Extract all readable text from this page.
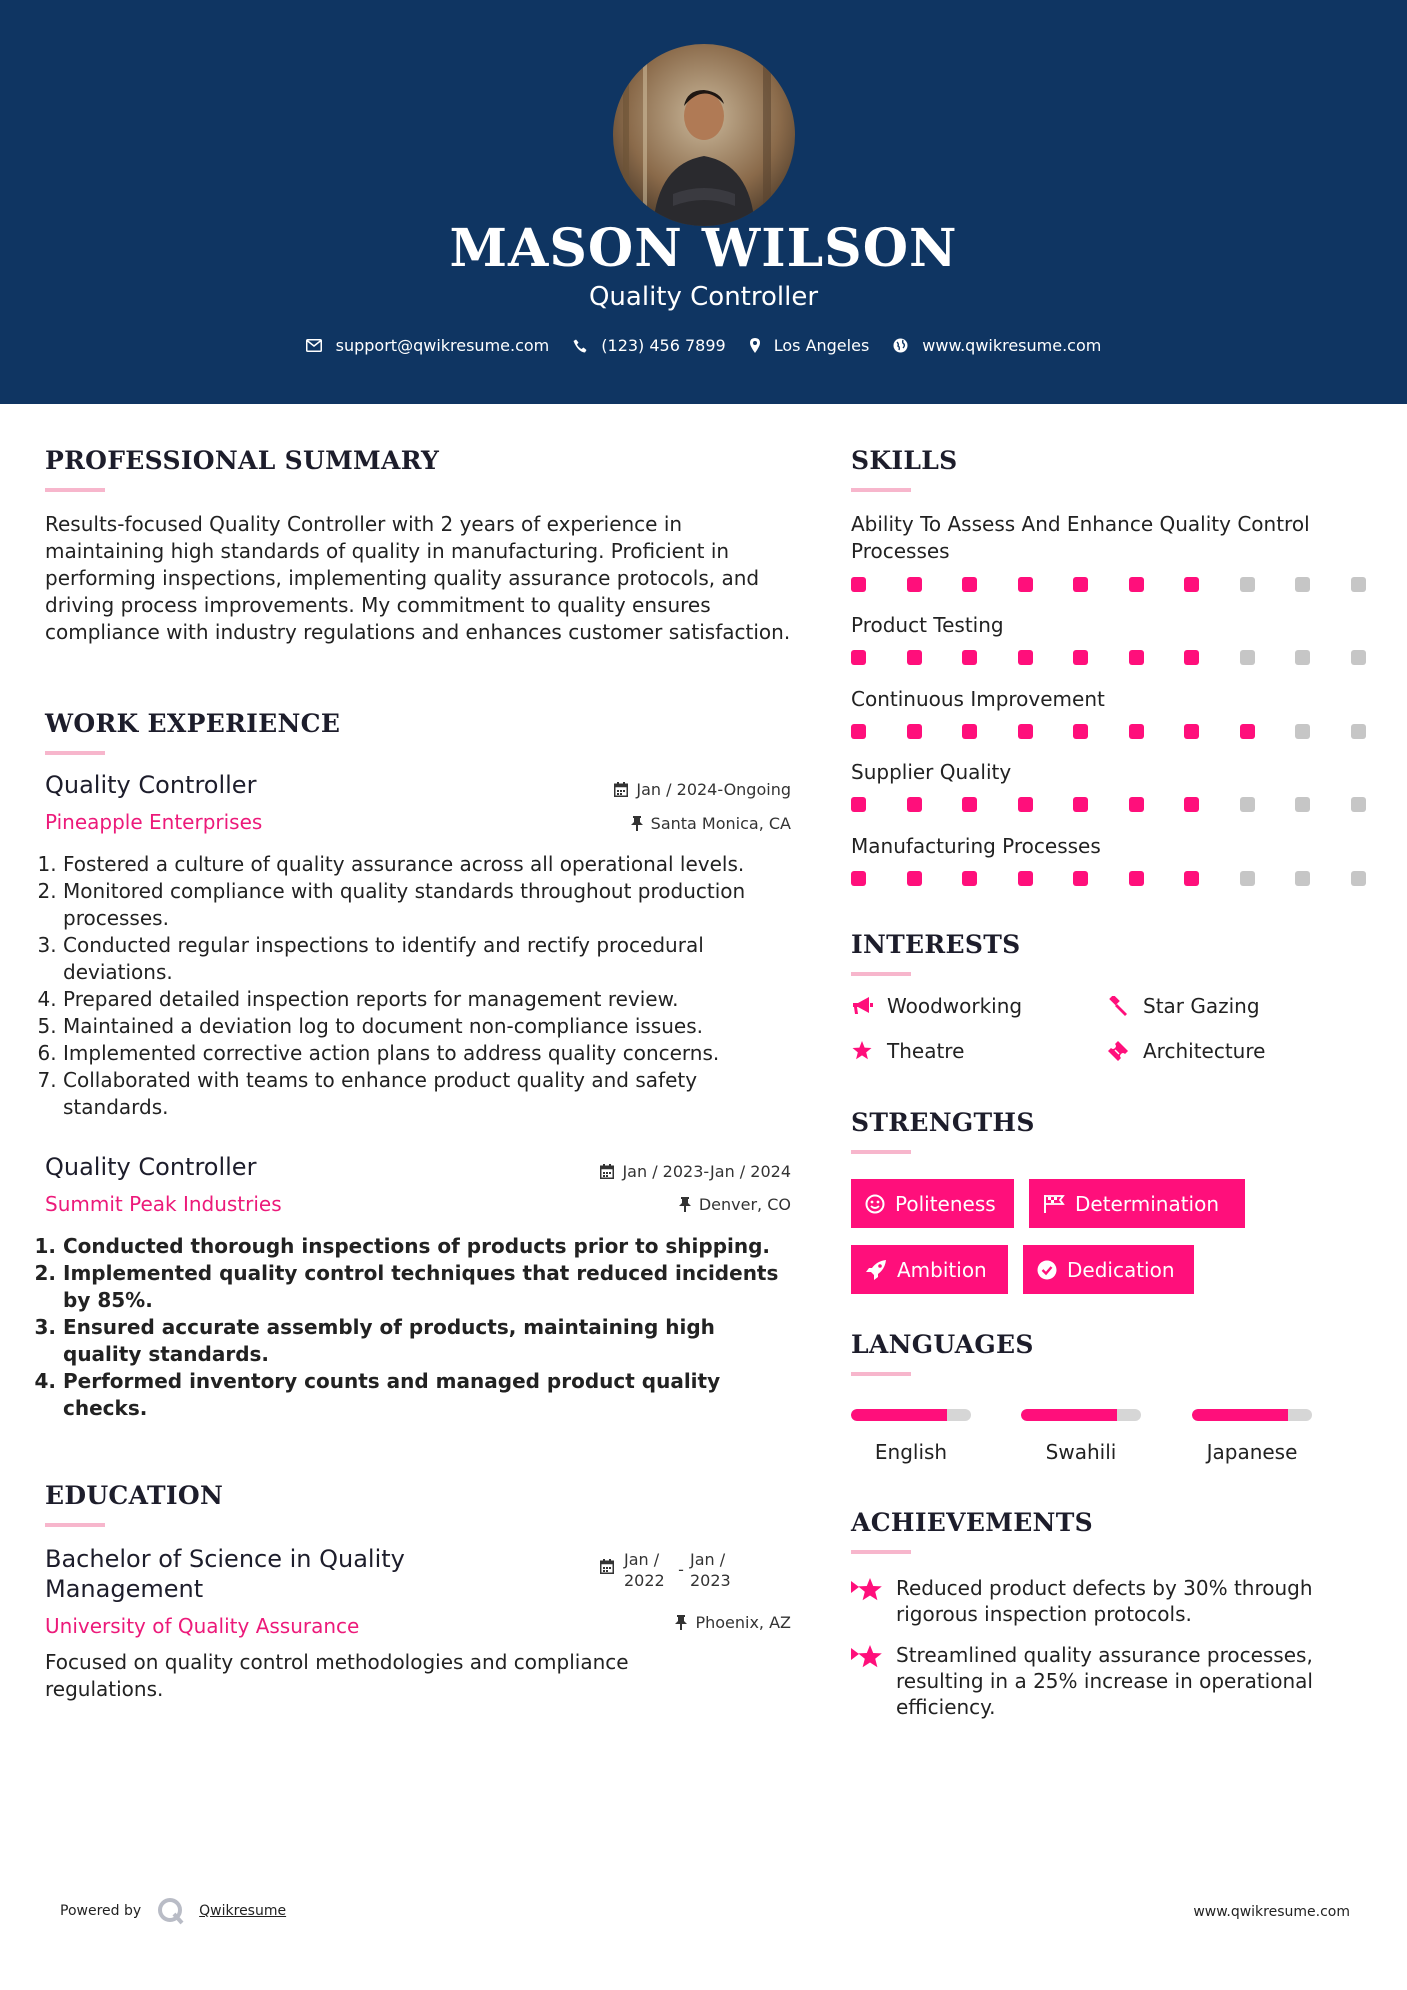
MASON WILSON
Quality Controller
support@qwikresume.com	(123) 456 7899	Los Angeles	www.qwikresume.com
PROFESSIONAL SUMMARY
Results-focused Quality Controller with 2 years of experience in maintaining high standards of quality in manufacturing. Proficient in performing inspections, implementing quality assurance protocols, and driving process improvements. My commitment to quality ensures compliance with industry regulations and enhances customer satisfaction.
WORK EXPERIENCE
Quality Controller	Jan / 2024-Ongoing
Pineapple Enterprises	Santa Monica, CA
1. Fostered a culture of quality assurance across all operational levels.
2. Monitored compliance with quality standards throughout production processes.
3. Conducted regular inspections to identify and rectify procedural deviations.
4. Prepared detailed inspection reports for management review.
5. Maintained a deviation log to document non-compliance issues.
6. Implemented corrective action plans to address quality concerns.
7. Collaborated with teams to enhance product quality and safety standards.
Quality Controller	Jan / 2023-Jan / 2024
Summit Peak Industries	Denver, CO
1. Conducted thorough inspections of products prior to shipping.
2. Implemented quality control techniques that reduced incidents by 85%.
3. Ensured accurate assembly of products, maintaining high quality standards.
4. Performed inventory counts and managed product quality checks.
EDUCATION
Bachelor of Science in Quality Management
Jan / 2022
-
Jan / 2023
University of Quality Assurance	Phoenix, AZ
Focused on quality control methodologies and compliance regulations.
SKILLS
Ability To Assess And Enhance Quality Control Processes
Product Testing
Continuous Improvement
Supplier Quality
Manufacturing Processes
INTERESTS
Woodworking	Star Gazing
Theatre	Architecture
STRENGTHS
Politeness	Determination
Ambition	Dedication
LANGUAGES
English	Swahili	Japanese
ACHIEVEMENTS
Reduced product defects by 30% through rigorous inspection protocols.
Streamlined quality assurance processes, resulting in a 25% increase in operational efficiency.
Powered by	Qwikresume	www.qwikresume.com
